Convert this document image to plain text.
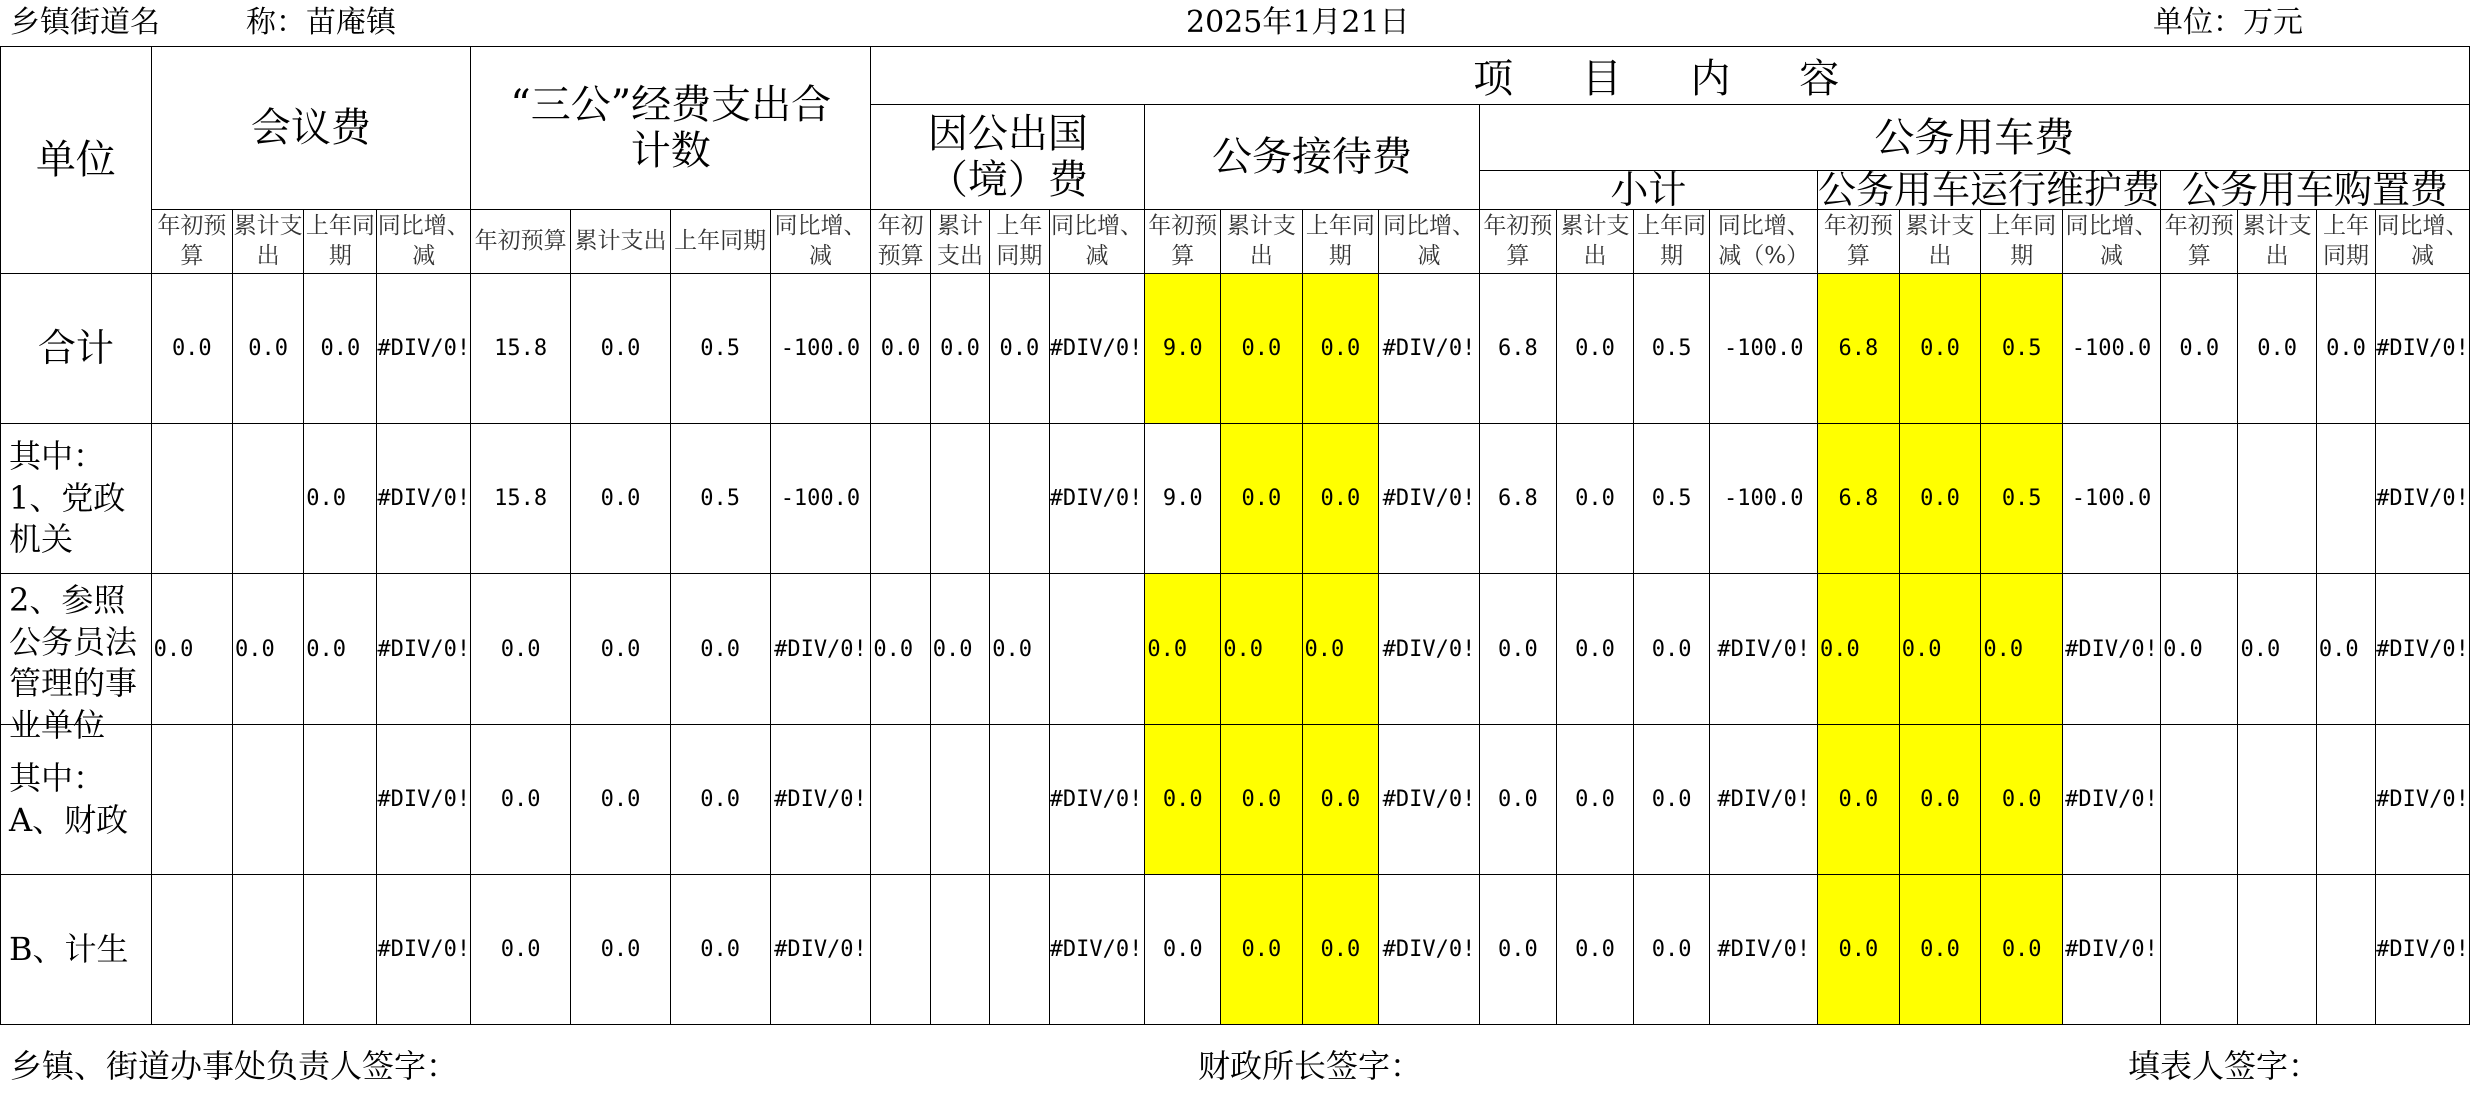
乡镇街道名	称：苗庵镇	2025年1月21日	单位：万元
单位	会议费				“三公”经费支出合计数				项 目 内 容																			

									因公出国（境）费				公务接待费				公务用车费											
																	小计				公务用车运行维护费				公务用车购置费			
	年初预算	累计支出	上年同期	同比增、减	年初预算	累计支出	上年同期	同比增、减	年初预算	累计支出	上年同期	同比增、减	年初预算	累计支出	上年同期	同比增、减	年初预算	累计支出	上年同期	同比增、减（%）	年初预算	累计支出	上年同期	同比增、减	年初预算	累计支出	上年同期	同比增、减
合计	0.0	0.0	0.0	#DIV/0!	15.8	0.0	0.5	-100.0	0.0	0.0	0.0	#DIV/0!	9.0	0.0	0.0	#DIV/0!	6.8	0.0	0.5	-100.0	6.8	0.0	0.5	-100.0	0.0	0.0	0.0	#DIV/0!
其中：1、党政机关			0.0	#DIV/0!	15.8	0.0	0.5	-100.0				#DIV/0!	9.0	0.0	0.0	#DIV/0!	6.8	0.0	0.5	-100.0	6.8	0.0	0.5	-100.0				#DIV/0!

2、参照公务员法管理的事业单位	0.0	0.0	0.0	#DIV/0!	0.0	0.0	0.0	#DIV/0!	0.0	0.0	0.0		0.0	0.0	0.0	#DIV/0!	0.0	0.0	0.0	#DIV/0!	0.0	0.0	0.0	#DIV/0!	0.0	0.0	0.0	#DIV/0!
其中：A、财政				#DIV/0!	0.0	0.0	0.0	#DIV/0!				#DIV/0!	0.0	0.0	0.0	#DIV/0!	0.0	0.0	0.0	#DIV/0!	0.0	0.0	0.0	#DIV/0!				#DIV/0!
B、计生				#DIV/0!	0.0	0.0	0.0	#DIV/0!				#DIV/0!	0.0	0.0	0.0	#DIV/0!	0.0	0.0	0.0	#DIV/0!	0.0	0.0	0.0	#DIV/0!				#DIV/0!
乡镇、街道办事处负责人签字：	财政所长签字：	填表人签字：
